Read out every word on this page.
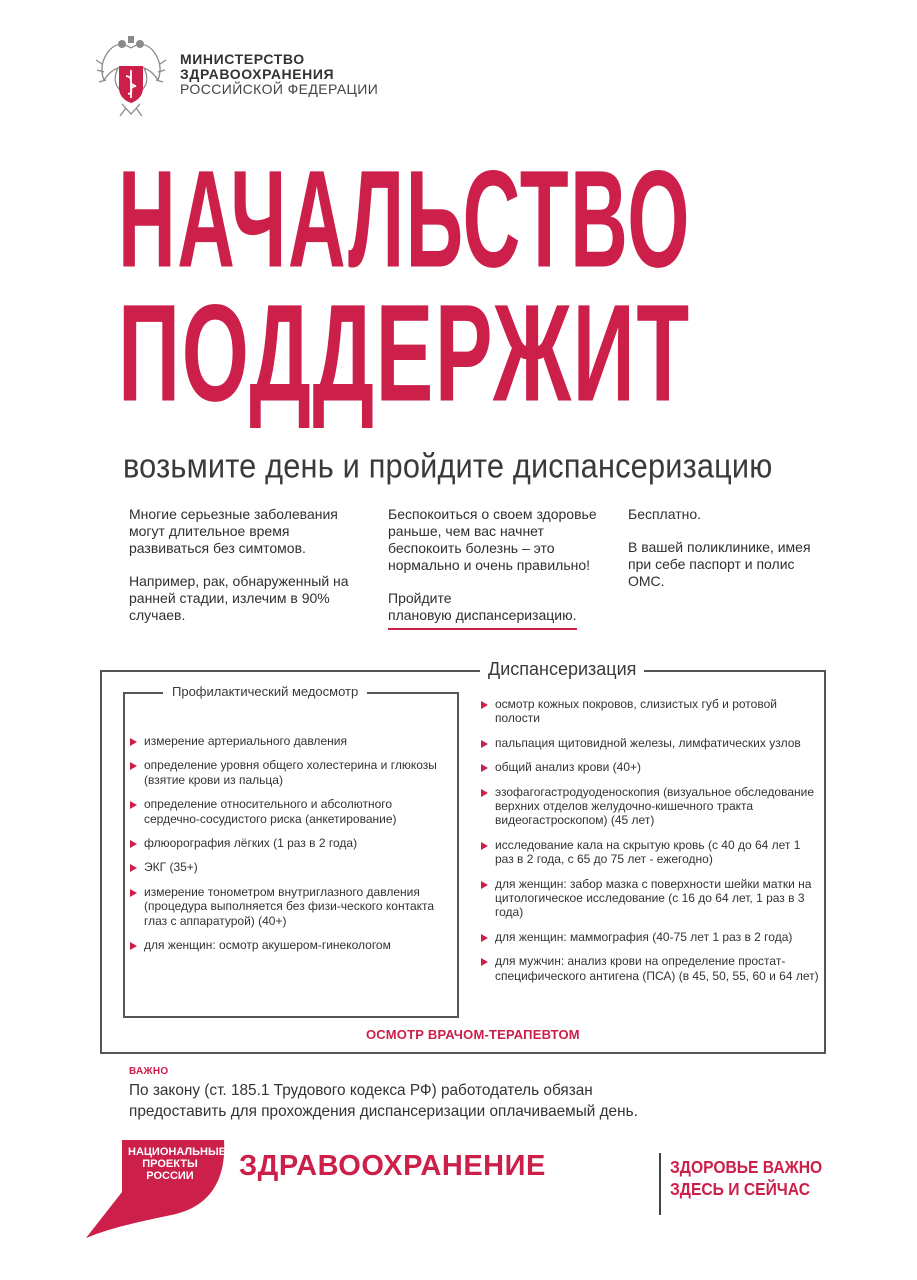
МИНИСТЕРСТВО
ЗДРАВООХРАНЕНИЯ
РОССИЙСКОЙ ФЕДЕРАЦИИ
НАЧАЛЬСТВО
ПОДДЕРЖИТ
возьмите день и пройдите диспансеризацию

Многие серьезные заболевания могут длительное время развиваться без симтомов.

Например, рак, обнаруженный на ранней стадии, излечим в 90% случаев.

Беспокоиться о своем здоровье раньше, чем вас начнет беспокоить болезнь – это нормально и очень правильно!

Пройдите
плановую диспансеризацию.

Бесплатно.

В вашей поликлинике, имея при себе паспорт и полис ОМС.

Диспансеризация
Профилактический медосмотр
измерение артериального давления
определение уровня общего холестерина и глюкозы (взятие крови из пальца)
определение относительного и абсолютного сердечно-сосудистого риска (анкетирование)
флюорография лёгких (1 раз в 2 года)
ЭКГ (35+)
измерение тонометром внутриглазного давления (процедура выполняется без физи-ческого контакта глаз с аппаратурой) (40+)
для женщин: осмотр акушером-гинекологом
осмотр кожных покровов, слизистых губ и ротовой полости
пальпация щитовидной железы, лимфатических узлов
общий анализ крови (40+)
эзофагогастродуоденоскопия (визуальное обследование верхних отделов желудочно-кишечного тракта видеогастроскопом) (45 лет)
исследование кала на скрытую кровь (с 40 до 64 лет 1 раз в 2 года, с 65 до 75 лет - ежегодно)
для женщин: забор мазка с поверхности шейки матки на цитологическое исследование (с 16 до 64 лет, 1 раз в 3 года)
для женщин: маммография (40-75 лет 1 раз в 2 года)
для мужчин: анализ крови на определение простат-специфического антигена (ПСА) (в 45, 50, 55, 60 и 64 лет)
ОСМОТР ВРАЧОМ-ТЕРАПЕВТОМ
ВАЖНО
По закону (ст. 185.1 Трудового кодекса РФ) работодатель обязан
предоставить для прохождения диспансеризации оплачиваемый день.
НАЦИОНАЛЬНЫЕ
ПРОЕКТЫ
РОССИИ	ЗДРАВООХРАНЕНИЕ	ЗДОРОВЬЕ ВАЖНО
ЗДЕСЬ И СЕЙЧАС
